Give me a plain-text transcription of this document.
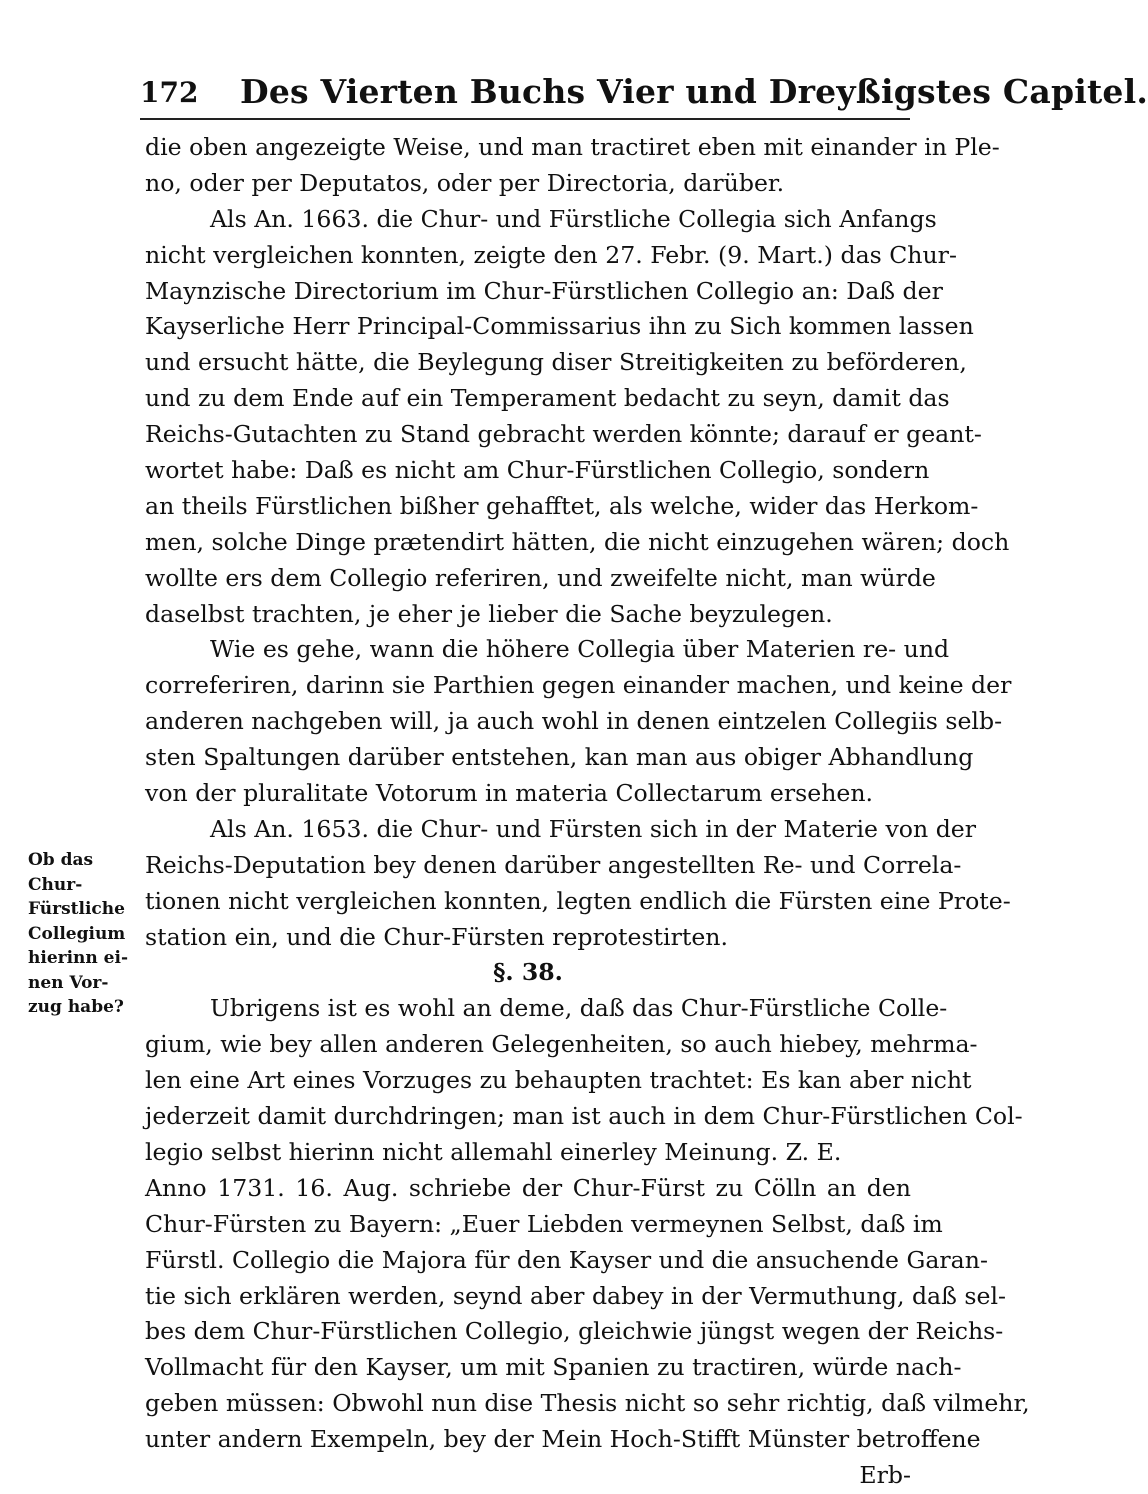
172 Des Vierten Buchs Vier und Dreyßigstes Capitel.
die oben angezeigte Weise, und man tractiret eben mit einander in Ple-
no, oder per Deputatos, oder per Directoria, darüber.
Als An. 1663. die Chur- und Fürstliche Collegia sich Anfangs
nicht vergleichen konnten, zeigte den 27. Febr. (9. Mart.) das Chur-
Maynzische Directorium im Chur-Fürstlichen Collegio an: Daß der
Kayserliche Herr Principal-Commissarius ihn zu Sich kommen lassen
und ersucht hätte, die Beylegung diser Streitigkeiten zu beförderen,
und zu dem Ende auf ein Temperament bedacht zu seyn, damit das
Reichs-Gutachten zu Stand gebracht werden könnte; darauf er geant-
wortet habe: Daß es nicht am Chur-Fürstlichen Collegio, sondern
an theils Fürstlichen bißher gehafftet, als welche, wider das Herkom-
men, solche Dinge prætendirt hätten, die nicht einzugehen wären; doch
wollte ers dem Collegio referiren, und zweifelte nicht, man würde
daselbst trachten, je eher je lieber die Sache beyzulegen.
Wie es gehe, wann die höhere Collegia über Materien re- und
correferiren, darinn sie Parthien gegen einander machen, und keine der
anderen nachgeben will, ja auch wohl in denen eintzelen Collegiis selb-
sten Spaltungen darüber entstehen, kan man aus obiger Abhandlung
von der pluralitate Votorum in materia Collectarum ersehen.
Als An. 1653. die Chur- und Fürsten sich in der Materie von der
Reichs-Deputation bey denen darüber angestellten Re- und Correla-
tionen nicht vergleichen konnten, legten endlich die Fürsten eine Prote-
station ein, und die Chur-Fürsten reprotestirten.
§. 38.
Ubrigens ist es wohl an deme, daß das Chur-Fürstliche Colle-
gium, wie bey allen anderen Gelegenheiten, so auch hiebey, mehrma-
len eine Art eines Vorzuges zu behaupten trachtet: Es kan aber nicht
jederzeit damit durchdringen; man ist auch in dem Chur-Fürstlichen Col-
legio selbst hierinn nicht allemahl einerley Meinung. Z. E.
Anno 1731. 16. Aug. schriebe der Chur-Fürst zu Cölln an den
Chur-Fürsten zu Bayern: „Euer Liebden vermeynen Selbst, daß im
Fürstl. Collegio die Majora für den Kayser und die ansuchende Garan-
tie sich erklären werden, seynd aber dabey in der Vermuthung, daß sel-
bes dem Chur-Fürstlichen Collegio, gleichwie jüngst wegen der Reichs-
Vollmacht für den Kayser, um mit Spanien zu tractiren, würde nach-
geben müssen: Obwohl nun dise Thesis nicht so sehr richtig, daß vilmehr,
unter andern Exempeln, bey der Mein Hoch-Stifft Münster betroffene
Erb-
Ob das
Chur-
Fürstliche
Collegium
hierinn ei-
nen Vor-
zug habe?
